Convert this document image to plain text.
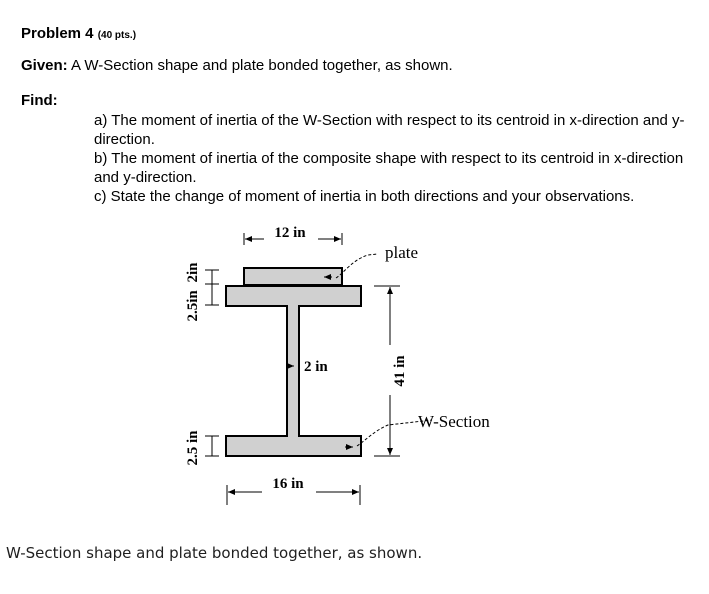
Problem 4 (40 pts.)
Given: A W-Section shape and plate bonded together, as shown.
Find:

a) The moment of inertia of the W-Section with respect to its centroid in x-direction and y-direction.

b) The moment of inertia of the composite shape with respect to its centroid in x-direction and y-direction.

c) State the change of moment of inertia in both directions and your observations.

12 in
plate
2 in
W-Section
41 in
2.5in 2in
2.5 in
16 in
W-Section shape and plate bonded together, as shown.
